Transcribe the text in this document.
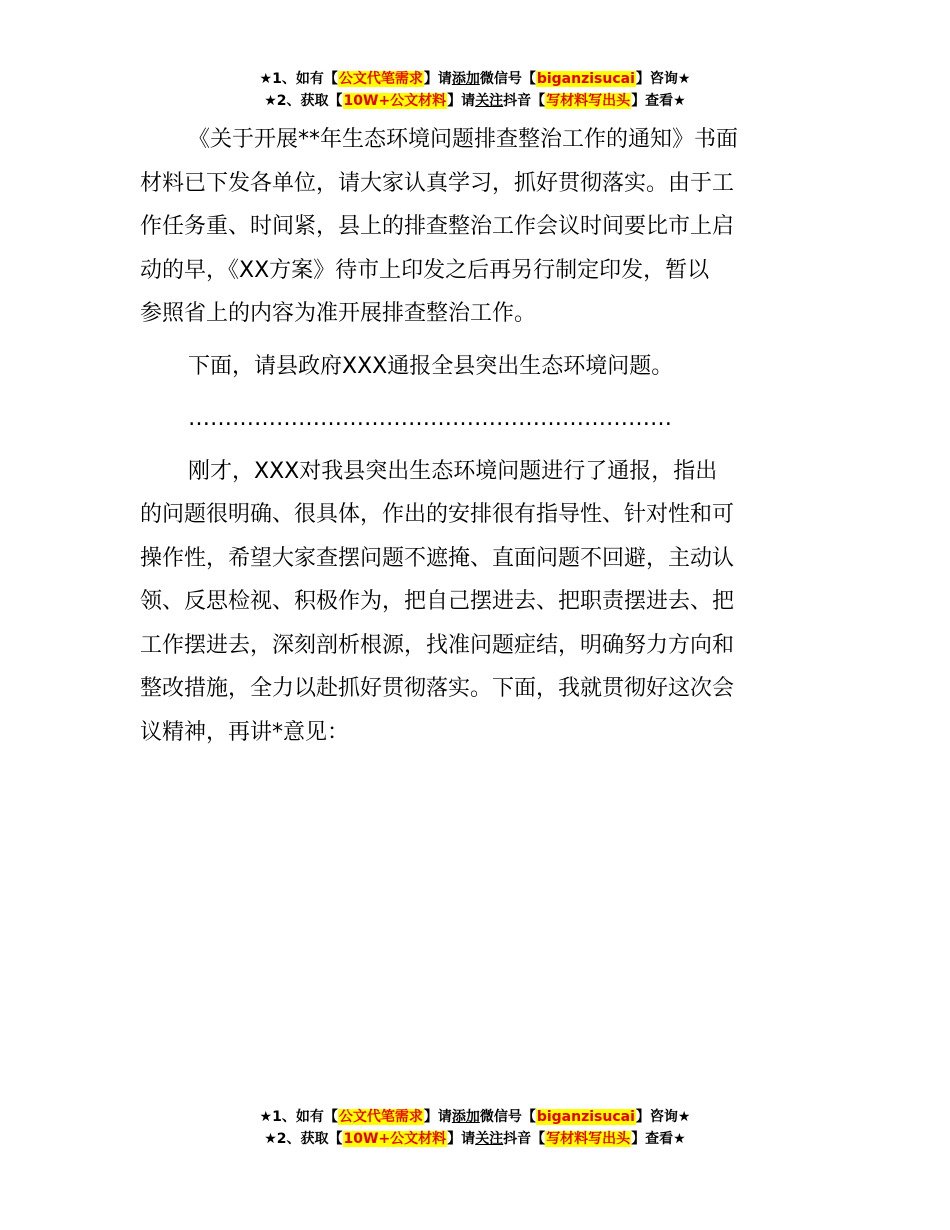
★1、如有【公文代笔需求】请添加微信号【biganzisucai】咨询★
★2、获取【10W+公文材料】请关注抖音【写材料写出头】查看★
《关于开展**年生态环境问题排查整治工作的通知》书面
材料已下发各单位，请大家认真学习，抓好贯彻落实。由于工
作任务重、时间紧，县上的排查整治工作会议时间要比市上启
动的早，《XX方案》待市上印发之后再另行制定印发，暂以
参照省上的内容为准开展排查整治工作。
下面，请县政府XXX通报全县突出生态环境问题。
…………………………………………………………
刚才，XXX对我县突出生态环境问题进行了通报，指出
的问题很明确、很具体，作出的安排很有指导性、针对性和可
操作性，希望大家查摆问题不遮掩、直面问题不回避，主动认
领、反思检视、积极作为，把自己摆进去、把职责摆进去、把
工作摆进去，深刻剖析根源，找准问题症结，明确努力方向和
整改措施，全力以赴抓好贯彻落实。下面，我就贯彻好这次会
议精神，再讲*意见：
★1、如有【公文代笔需求】请添加微信号【biganzisucai】咨询★
★2、获取【10W+公文材料】请关注抖音【写材料写出头】查看★
